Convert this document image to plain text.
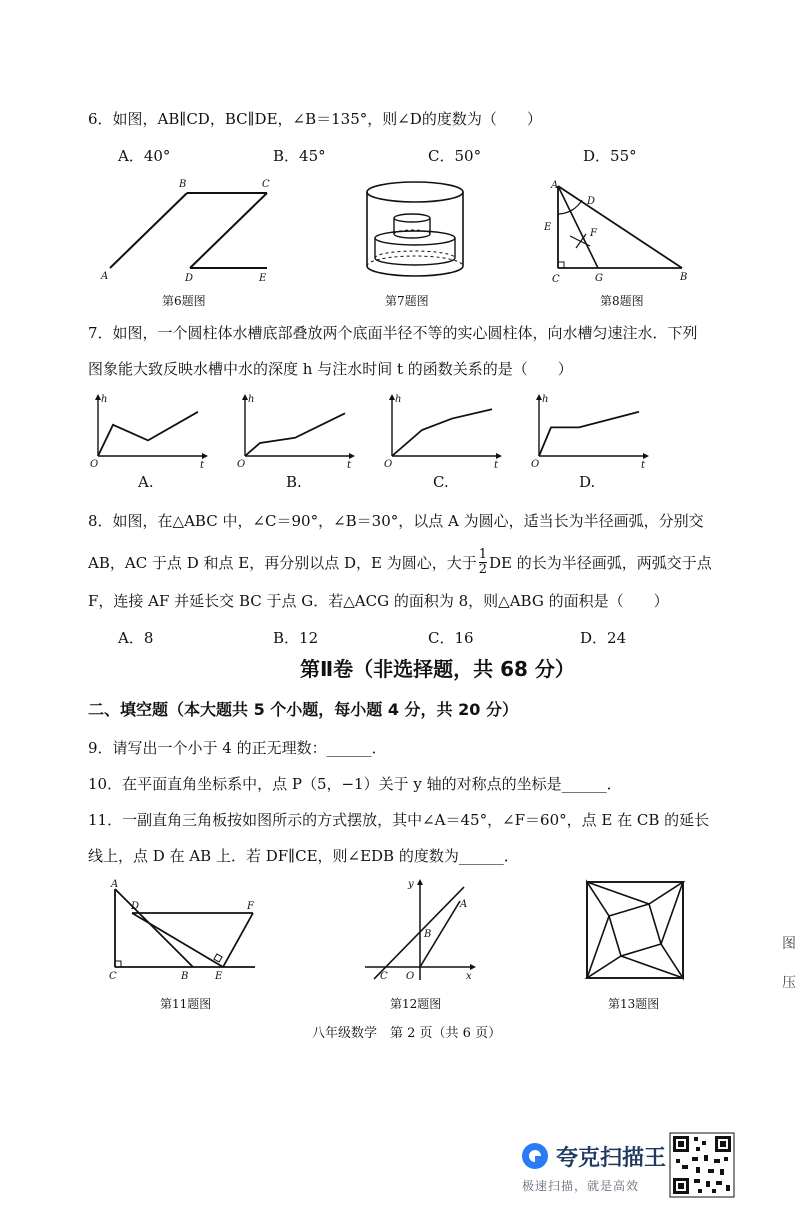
6．如图，AB∥CD，BC∥DE，∠B＝135°，则∠D的度数为（　　）
A．40°	B．45°	C．50°	D．55°
A
B	C
D	E
第6题图	第7题图
A
B
C
D
E
F
G
第8题图
7．如图，一个圆柱体水槽底部叠放两个底面半径不等的实心圆柱体，向水槽匀速注水．下列
图象能大致反映水槽中水的深度 h 与注水时间 t 的函数关系的是（　　）
h
O	t
h
O	t
h
O	t
h
O	t
A.	B.	C.	D.
8．如图，在△ABC 中，∠C＝90°，∠B＝30°，以点 A 为圆心，适当长为半径画弧，分别交
AB，AC 于点 D 和点 E，再分别以点 D，E 为圆心，大于 $\frac{1}{2}$ DE 的长为半径画弧，两弧交于点
F，连接 AF 并延长交 BC 于点 G．若△ACG 的面积为 8，则△ABG 的面积是（　　）
A．8	B．12	C．16	D．24
第Ⅱ卷（非选择题，共 68 分）
二、填空题（本大题共 5 个小题，每小题 4 分，共 20 分）
9．请写出一个小于 4 的正无理数：______．
10．在平面直角坐标系中，点 P（5，−1）关于 y 轴的对称点的坐标是______．
11．一副直角三角板按如图所示的方式摆放，其中∠A＝45°，∠F＝60°，点 E 在 CB 的延长
线上，点 D 在 AB 上．若 DF∥CE，则∠EDB 的度数为______．
A
B
C
D
E
F
第11题图
y
x
A
B
C O
第12题图	第13题图
八年级数学　第 2 页（共 6 页）
图
压
夸克扫描王
极速扫描，就是高效
